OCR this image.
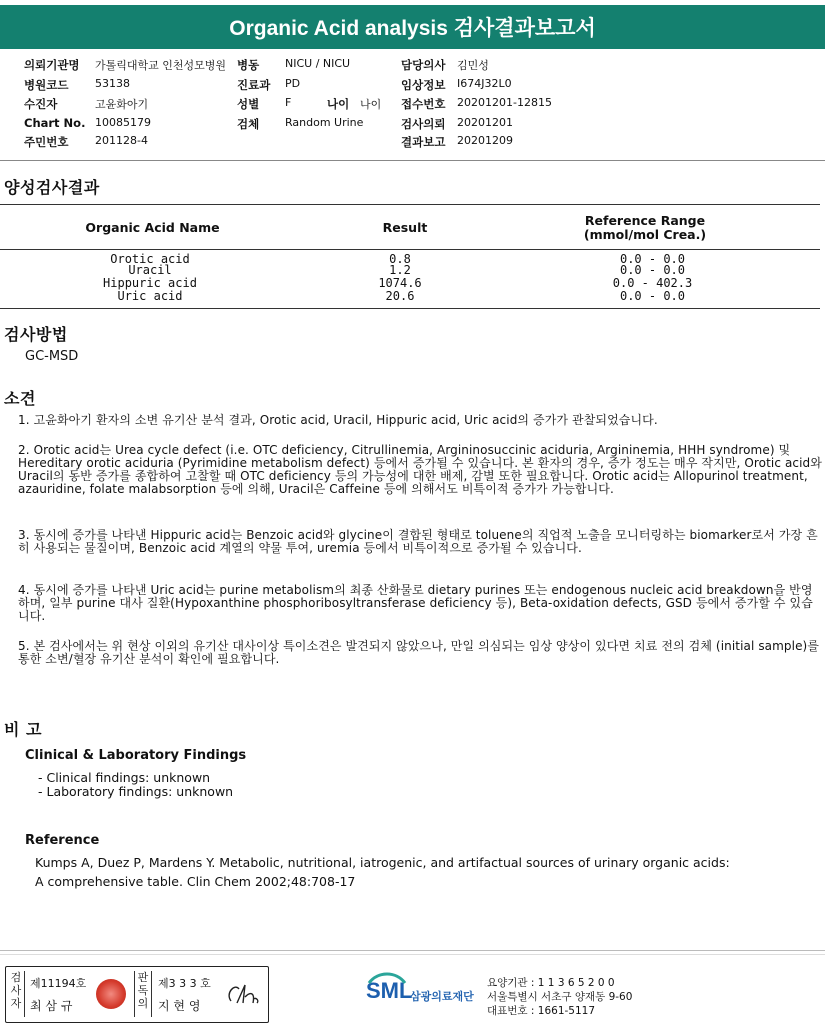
Organic Acid analysis 검사결과보고서
의뢰기관명 가톨릭대학교 인천성모병원 병동 NICU / NICU	담당의사 김민성
병원코드 53138	진료과 PD	임상정보 I674J32L0
수진자	고윤화아기	성별 F	나이 나이 접수번호 20201201-12815
Chart No. 10085179	검체 Random Urine	검사의뢰 20201201
주민번호 201128-4	결과보고 20201209
양성검사결과
Organic Acid Name	Result	Reference Range
(mmol/mol Crea.)
Orotic acid	0.8	0.0 - 0.0
Uracil	1.2	0.0 - 0.0
Hippuric acid	1074.6	0.0 - 402.3
Uric acid	20.6	0.0 - 0.0
검사방법
GC-MSD
소견
1. 고윤화아기 환자의 소변 유기산 분석 결과, Orotic acid, Uracil, Hippuric acid, Uric acid의 증가가 관찰되었습니다.
2. Orotic acid는 Urea cycle defect (i.e. OTC deficiency, Citrullinemia, Argininosuccinic aciduria, Argininemia, HHH syndrome) 및 Hereditary orotic aciduria (Pyrimidine metabolism defect) 등에서 증가될 수 있습니다. 본 환자의 경우, 증가 정도는 매우 작지만, Orotic acid와 Uracil의 동반 증가를 종합하여 고찰할 때 OTC deficiency 등의 가능성에 대한 배제, 감별 또한 필요합니다. Orotic acid는 Allopurinol treatment, azauridine, folate malabsorption 등에 의해, Uracil은 Caffeine 등에 의해서도 비특이적 증가가 가능합니다.
3. 동시에 증가를 나타낸 Hippuric acid는 Benzoic acid와 glycine이 결합된 형태로 toluene의 직업적 노출을 모니터링하는 biomarker로서 가장 흔히 사용되는 물질이며, Benzoic acid 계열의 약물 투여, uremia 등에서 비특이적으로 증가될 수 있습니다.
4. 동시에 증가를 나타낸 Uric acid는 purine metabolism의 최종 산화물로 dietary purines 또는 endogenous nucleic acid breakdown을 반영하며, 일부 purine 대사 질환(Hypoxanthine phosphoribosyltransferase deficiency 등), Beta-oxidation defects, GSD 등에서 증가할 수 있습니다.
5. 본 검사에서는 위 현상 이외의 유기산 대사이상 특이소견은 발견되지 않았으나, 만일 의심되는 임상 양상이 있다면 치료 전의 검체 (initial sample)를 통한 소변/혈장 유기산 분석이 확인에 필요합니다.
비 고
Clinical & Laboratory Findings
- Clinical findings: unknown
- Laboratory findings: unknown
Reference
Kumps A, Duez P, Mardens Y. Metabolic, nutritional, iatrogenic, and artifactual sources of urinary organic acids:
A comprehensive table. Clin Chem 2002;48:708-17
검사자
제11194호
최 삼 규
판독의
제3 3 3 호
지 현 영
SML
삼광의료재단
요양기관 : 1 1 3 6 5 2 0 0
서울특별시 서초구 양재동 9-60
대표번호 : 1661-5117
